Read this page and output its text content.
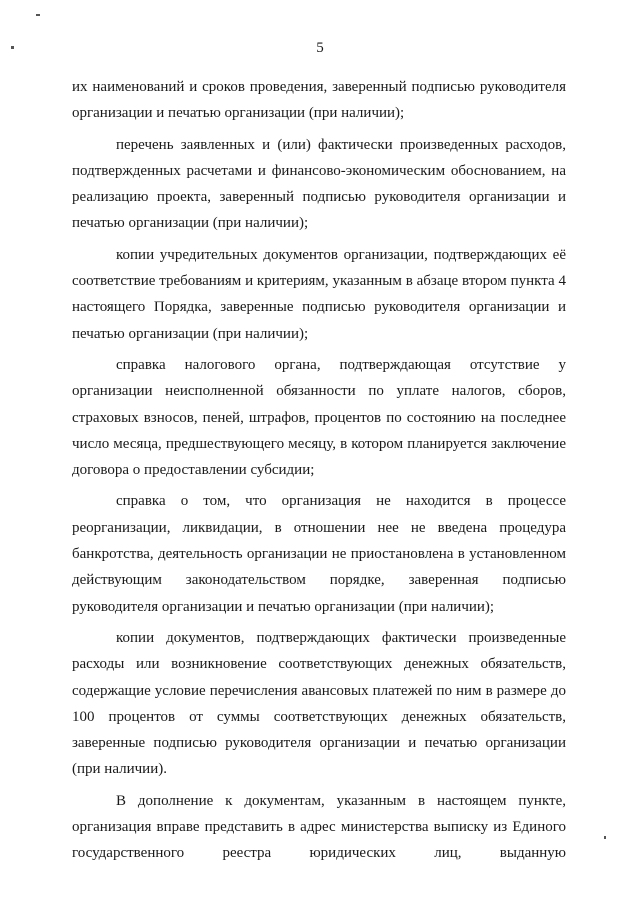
5

их наименований и сроков проведения, заверенный подписью руководителя организации и печатью организации (при наличии);

перечень заявленных и (или) фактически произведенных расходов, подтвержденных расчетами и финансово-экономическим обоснованием, на реализацию проекта, заверенный подписью руководителя организации и печатью организации (при наличии);

копии учредительных документов организации, подтверждающих её соответствие требованиям и критериям, указанным в абзаце втором пункта 4 настоящего Порядка, заверенные подписью руководителя организации и печатью организации (при наличии);

справка налогового органа, подтверждающая отсутствие у организации неисполненной обязанности по уплате налогов, сборов, страховых взносов, пеней, штрафов, процентов по состоянию на последнее число месяца, предшествующего месяцу, в котором планируется заключение договора о предоставлении субсидии;

справка о том, что организация не находится в процессе реорганизации, ликвидации, в отношении нее не введена процедура банкротства, деятельность организации не приостановлена в установленном действующим законодательством порядке, заверенная подписью руководителя организации и печатью организации (при наличии);

копии документов, подтверждающих фактически произведенные расходы или возникновение соответствующих денежных обязательств, содержащие условие перечисления авансовых платежей по ним в размере до 100 процентов от суммы соответствующих денежных обязательств, заверенные подписью руководителя организации и печатью организации (при наличии).

В дополнение к документам, указанным в настоящем пункте, организация вправе представить в адрес министерства выписку из Единого государственного реестра юридических лиц, выданную
